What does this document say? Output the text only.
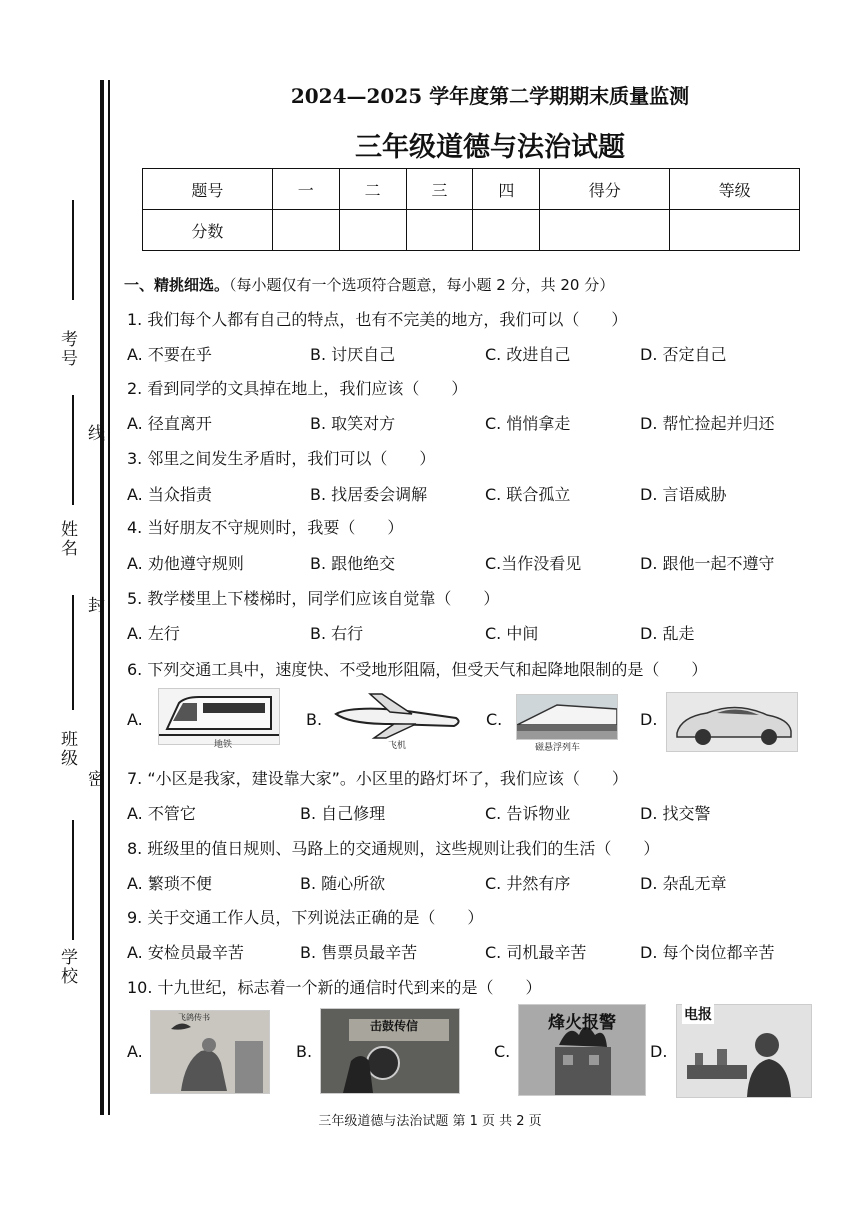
考号
姓名
班级
学校
线
封
密
2024—2025 学年度第二学期期末质量监测
三年级道德与法治试题
题号	一	二	三	四	得分	等级
分数						
一、精挑细选。（每小题仅有一个选项符合题意，每小题 2 分，共 20 分）
1. 我们每个人都有自己的特点，也有不完美的地方，我们可以（　　）
A. 不要在乎	B. 讨厌自己	C. 改进自己	D. 否定自己
2. 看到同学的文具掉在地上，我们应该（　　）
A. 径直离开	B. 取笑对方	C. 悄悄拿走	D. 帮忙捡起并归还
3. 邻里之间发生矛盾时，我们可以（　　）
A. 当众指责	B. 找居委会调解	C. 联合孤立	D. 言语威胁
4. 当好朋友不守规则时，我要（　　）
A. 劝他遵守规则	B. 跟他绝交	C.当作没看见	D. 跟他一起不遵守
5. 教学楼里上下楼梯时，同学们应该自觉靠（　　）
A. 左行	B. 右行	C. 中间	D. 乱走
6. 下列交通工具中，速度快、不受地形阻隔，但受天气和起降地限制的是（　　）
A.
地铁
B.
飞机
C.
磁悬浮列车
D.
7. “小区是我家，建设靠大家”。小区里的路灯坏了，我们应该（　　）
A. 不管它	B. 自己修理	C. 告诉物业	D. 找交警
8. 班级里的值日规则、马路上的交通规则，这些规则让我们的生活（　　）
A. 繁琐不便	B. 随心所欲	C. 井然有序	D. 杂乱无章
9. 关于交通工作人员，下列说法正确的是（　　）
A. 安检员最辛苦	B. 售票员最辛苦	C. 司机最辛苦	D. 每个岗位都辛苦
10. 十九世纪，标志着一个新的通信时代到来的是（　　）
A.
飞鸽传书
B.
击鼓传信
C.
烽火报警
D.
电报
三年级道德与法治试题 第 1 页 共 2 页
